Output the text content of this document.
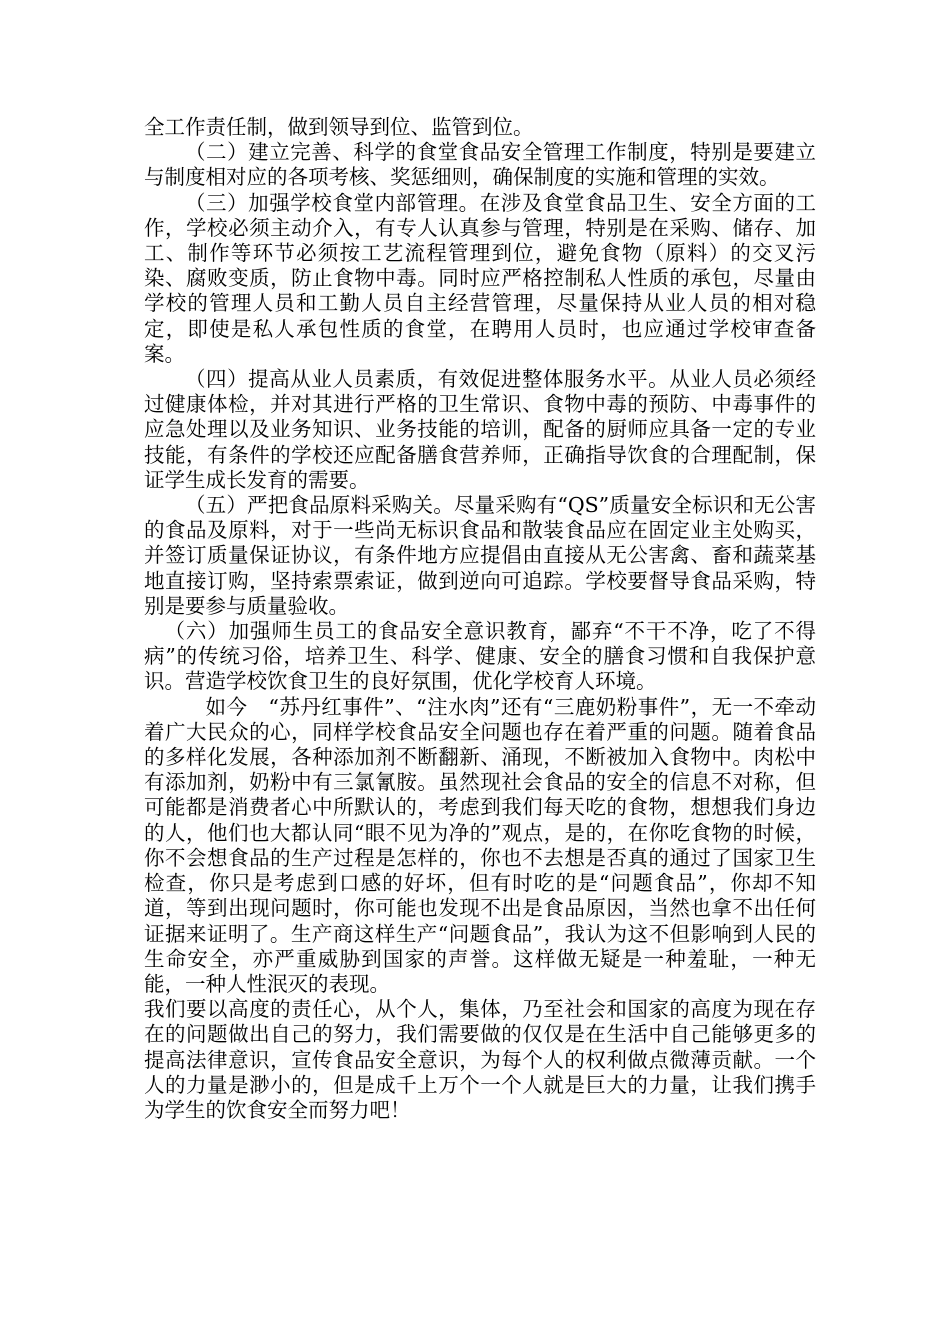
全工作责任制，做到领导到位、监管到位。

（二）建立完善、科学的食堂食品安全管理工作制度，特别是要建立与制度相对应的各项考核、奖惩细则，确保制度的实施和管理的实效。

（三）加强学校食堂内部管理。在涉及食堂食品卫生、安全方面的工作，学校必须主动介入，有专人认真参与管理，特别是在采购、储存、加工、制作等环节必须按工艺流程管理到位，避免食物（原料）的交叉污染、腐败变质，防止食物中毒。同时应严格控制私人性质的承包，尽量由学校的管理人员和工勤人员自主经营管理，尽量保持从业人员的相对稳定，即使是私人承包性质的食堂，在聘用人员时，也应通过学校审查备案。

（四）提高从业人员素质，有效促进整体服务水平。从业人员必须经过健康体检，并对其进行严格的卫生常识、食物中毒的预防、中毒事件的应急处理以及业务知识、业务技能的培训，配备的厨师应具备一定的专业技能，有条件的学校还应配备膳食营养师，正确指导饮食的合理配制，保证学生成长发育的需要。

（五）严把食品原料采购关。尽量采购有“QS”质量安全标识和无公害的食品及原料，对于一些尚无标识食品和散装食品应在固定业主处购买，并签订质量保证协议，有条件地方应提倡由直接从无公害禽、畜和蔬菜基地直接订购，坚持索票索证，做到逆向可追踪。学校要督导食品采购，特别是要参与质量验收。

（六）加强师生员工的食品安全意识教育，鄙弃“不干不净，吃了不得病”的传统习俗，培养卫生、科学、健康、安全的膳食习惯和自我保护意识。营造学校饮食卫生的良好氛围，优化学校育人环境。

如今　“苏丹红事件”、“注水肉”还有“三鹿奶粉事件”，无一不牵动着广大民众的心，同样学校食品安全问题也存在着严重的问题。随着食品的多样化发展，各种添加剂不断翻新、涌现，不断被加入食物中。肉松中有添加剂，奶粉中有三氯氰胺。虽然现社会食品的安全的信息不对称，但可能都是消费者心中所默认的，考虑到我们每天吃的食物，想想我们身边的人，他们也大都认同“眼不见为净的”观点，是的，在你吃食物的时候，你不会想食品的生产过程是怎样的，你也不去想是否真的通过了国家卫生检查，你只是考虑到口感的好坏，但有时吃的是“问题食品”，你却不知道，等到出现问题时，你可能也发现不出是食品原因，当然也拿不出任何证据来证明了。生产商这样生产“问题食品”，我认为这不但影响到人民的生命安全，亦严重威胁到国家的声誉。这样做无疑是一种羞耻，一种无能，一种人性泯灭的表现。

我们要以高度的责任心，从个人，集体，乃至社会和国家的高度为现在存在的问题做出自己的努力，我们需要做的仅仅是在生活中自己能够更多的提高法律意识，宣传食品安全意识，为每个人的权利做点微薄贡献。一个人的力量是渺小的，但是成千上万个一个人就是巨大的力量，让我们携手为学生的饮食安全而努力吧！
